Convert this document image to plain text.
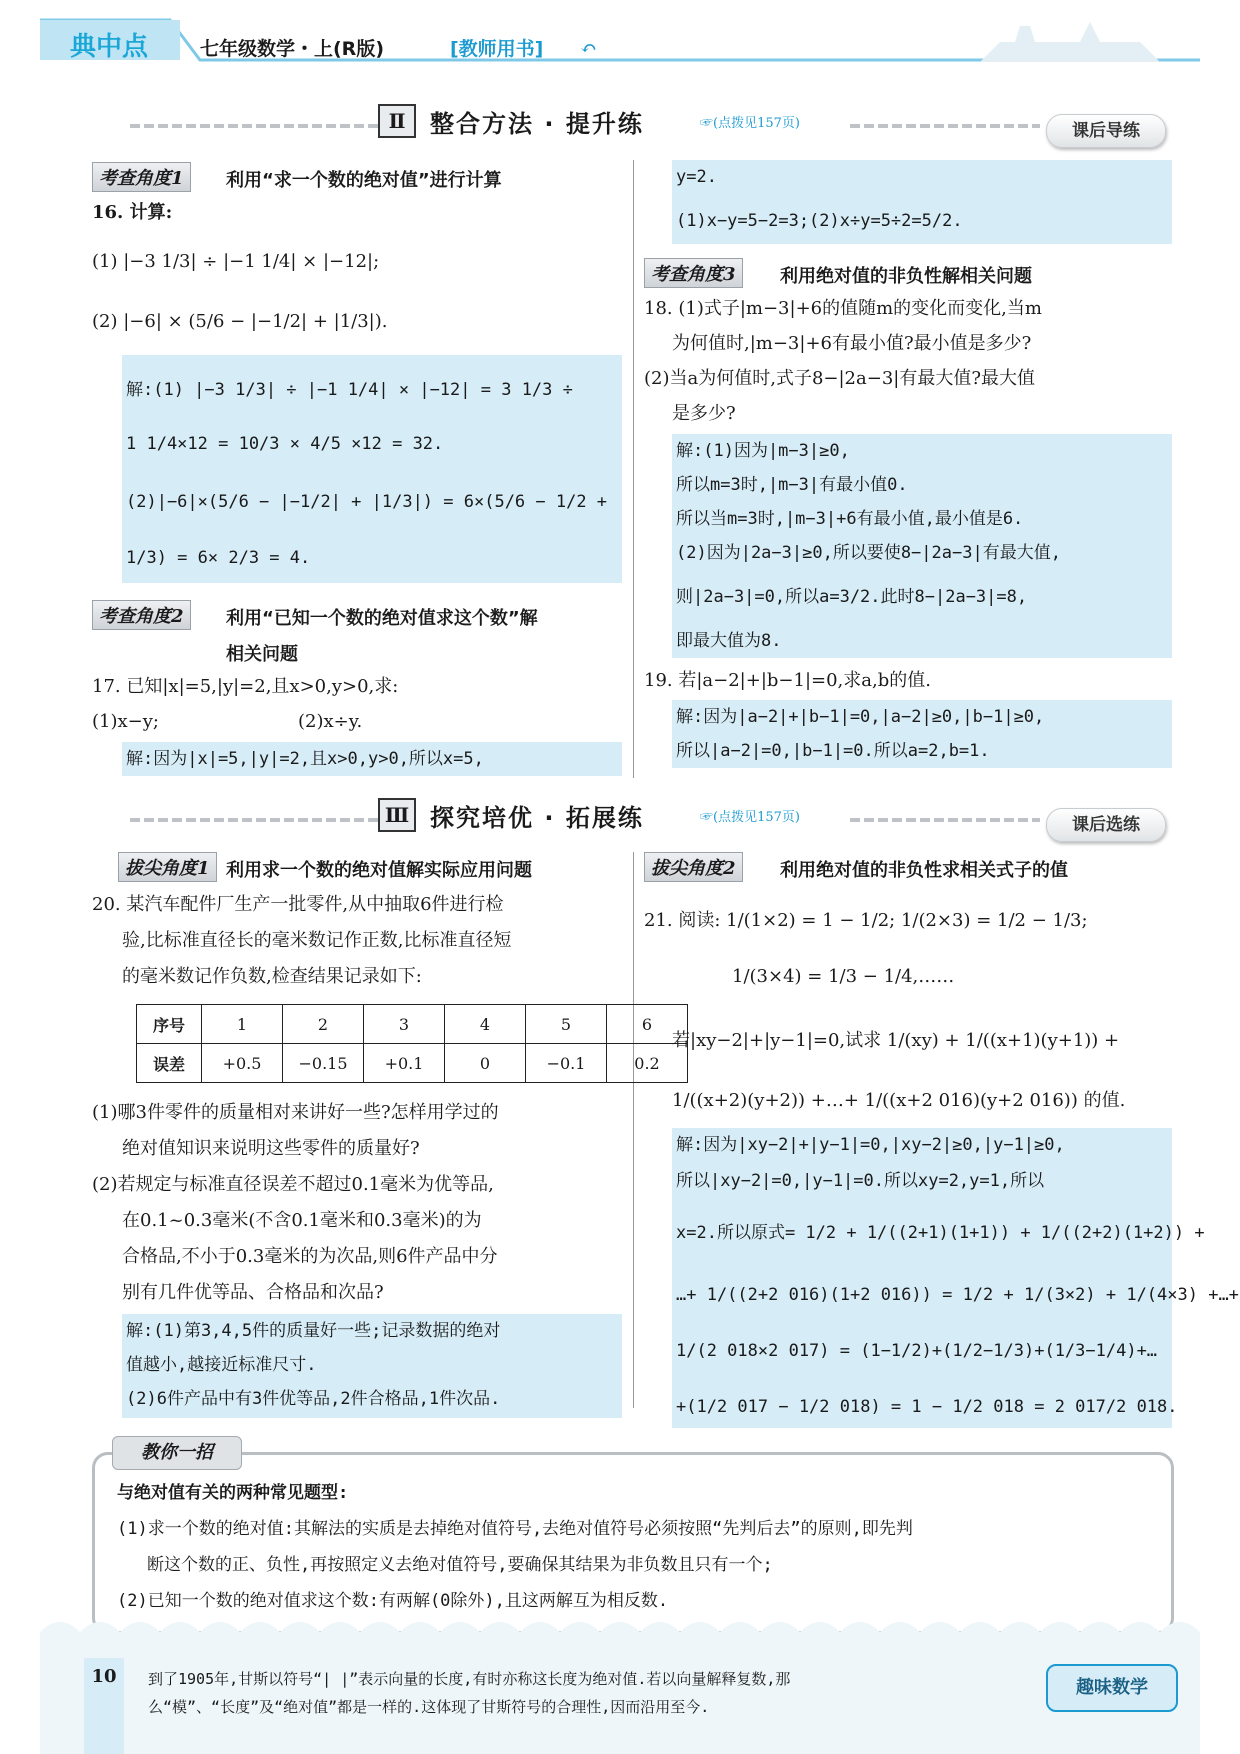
典中点	七年级数学・上(R版)	[教师用书] ↶
Ⅱ	整合方法 · 提升练	☞(点拨见157页)	课后导练
考查角度1	利用“求一个数的绝对值”进行计算
16. 计算:
(1) |−3 1/3| ÷ |−1 1/4| × |−12|;
(2) |−6| × (5/6 − |−1/2| + |1/3|).
解:(1) |−3 1/3| ÷ |−1 1/4| × |−12| = 3 1/3 ÷
1 1/4×12 = 10/3 × 4/5 ×12 = 32.
(2)|−6|×(5/6 − |−1/2| + |1/3|) = 6×(5/6 − 1/2 +
1/3) = 6× 2/3 = 4.
考查角度2	利用“已知一个数的绝对值求这个数”解
相关问题
17. 已知|x|=5,|y|=2,且x>0,y>0,求:
(1)x−y;	(2)x÷y.
解:因为|x|=5,|y|=2,且x>0,y>0,所以x=5,
y=2.
(1)x−y=5−2=3;(2)x÷y=5÷2=5/2.
考查角度3	利用绝对值的非负性解相关问题
18. (1)式子|m−3|+6的值随m的变化而变化,当m
为何值时,|m−3|+6有最小值?最小值是多少?
(2)当a为何值时,式子8−|2a−3|有最大值?最大值
是多少?
解:(1)因为|m−3|≥0,
所以m=3时,|m−3|有最小值0.
所以当m=3时,|m−3|+6有最小值,最小值是6.
(2)因为|2a−3|≥0,所以要使8−|2a−3|有最大值,
则|2a−3|=0,所以a=3/2.此时8−|2a−3|=8,
即最大值为8.
19. 若|a−2|+|b−1|=0,求a,b的值.
解:因为|a−2|+|b−1|=0,|a−2|≥0,|b−1|≥0,
所以|a−2|=0,|b−1|=0.所以a=2,b=1.
Ⅲ 探究培优 · 拓展练	☞(点拨见157页)	课后选练
拔尖角度1 利用求一个数的绝对值解实际应用问题
20. 某汽车配件厂生产一批零件,从中抽取6件进行检
验,比标准直径长的毫米数记作正数,比标准直径短
的毫米数记作负数,检查结果记录如下:
序号	1	2	3	4	5	6
误差	+0.5	−0.15	+0.1	0	−0.1	0.2
(1)哪3件零件的质量相对来讲好一些?怎样用学过的
绝对值知识来说明这些零件的质量好?
(2)若规定与标准直径误差不超过0.1毫米为优等品,
在0.1~0.3毫米(不含0.1毫米和0.3毫米)的为
合格品,不小于0.3毫米的为次品,则6件产品中分
别有几件优等品、合格品和次品?
解:(1)第3,4,5件的质量好一些;记录数据的绝对
值越小,越接近标准尺寸.
(2)6件产品中有3件优等品,2件合格品,1件次品.
拔尖角度2	利用绝对值的非负性求相关式子的值
21. 阅读: 1/(1×2) = 1 − 1/2; 1/(2×3) = 1/2 − 1/3;
1/(3×4) = 1/3 − 1/4,……
若|xy−2|+|y−1|=0,试求 1/(xy) + 1/((x+1)(y+1)) +
1/((x+2)(y+2)) +…+ 1/((x+2 016)(y+2 016)) 的值.
解:因为|xy−2|+|y−1|=0,|xy−2|≥0,|y−1|≥0,
所以|xy−2|=0,|y−1|=0.所以xy=2,y=1,所以
x=2.所以原式= 1/2 + 1/((2+1)(1+1)) + 1/((2+2)(1+2)) +
…+ 1/((2+2 016)(1+2 016)) = 1/2 + 1/(3×2) + 1/(4×3) +…+
1/(2 018×2 017) = (1−1/2)+(1/2−1/3)+(1/3−1/4)+…
+(1/2 017 − 1/2 018) = 1 − 1/2 018 = 2 017/2 018.
与绝对值有关的两种常见题型:
(1)求一个数的绝对值:其解法的实质是去掉绝对值符号,去绝对值符号必须按照“先判后去”的原则,即先判
断这个数的正、负性,再按照定义去绝对值符号,要确保其结果为非负数且只有一个;
(2)已知一个数的绝对值求这个数:有两解(0除外),且这两解互为相反数.
教你一招
10	到了1905年,甘斯以符号“| |”表示向量的长度,有时亦称这长度为绝对值.若以向量解释复数,那
么“模”、“长度”及“绝对值”都是一样的.这体现了甘斯符号的合理性,因而沿用至今.
趣味数学
